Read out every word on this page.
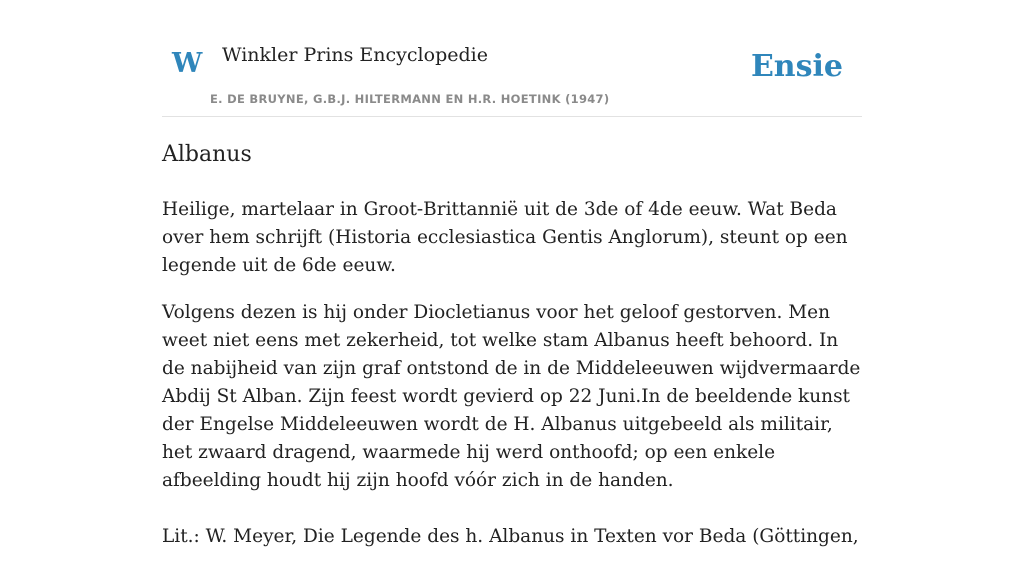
W Winkler Prins Encyclopedie
E. DE BRUYNE, G.B.J. HILTERMANN EN H.R. HOETINK (1947)
Ensie
Albanus

Heilige, martelaar in Groot-Brittannië uit de 3de of 4de eeuw. Wat Beda over hem schrijft (Historia ecclesiastica Gentis Anglorum), steunt op een legende uit de 6de eeuw.

Volgens dezen is hij onder Diocletianus voor het geloof gestorven. Men weet niet eens met zekerheid, tot welke stam Albanus heeft behoord. In de nabijheid van zijn graf ontstond de in de Middeleeuwen wijdvermaarde Abdij St Alban. Zijn feest wordt gevierd op 22 Juni.In de beeldende kunst der Engelse Middeleeuwen wordt de H. Albanus uitgebeeld als militair, het zwaard dragend, waarmede hij werd onthoofd; op een enkele afbeelding houdt hij zijn hoofd vóór zich in de handen.

Lit.: W. Meyer, Die Legende des h. Albanus in Texten vor Beda (Göttingen,
